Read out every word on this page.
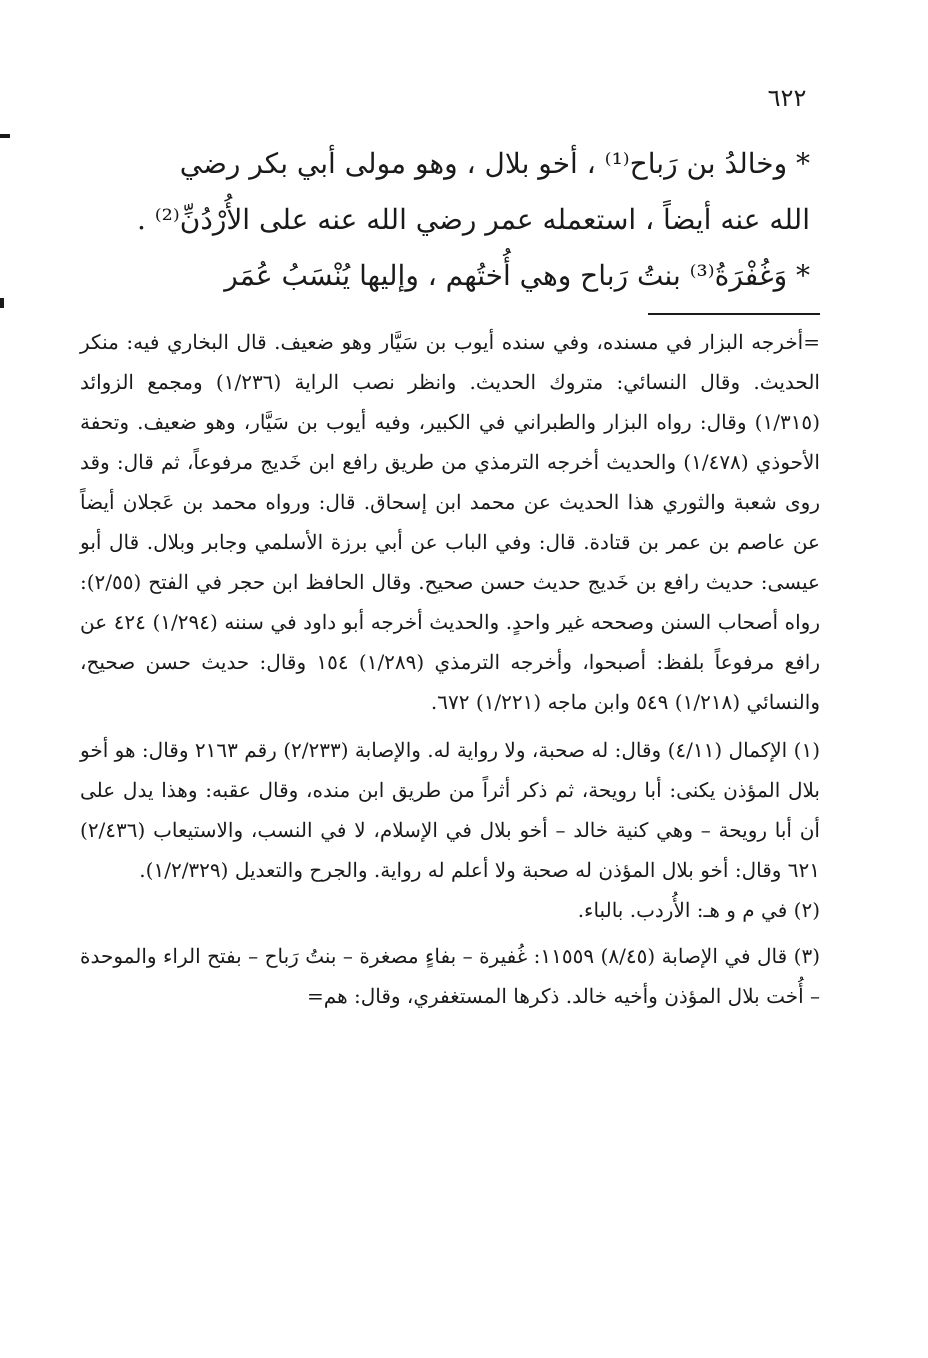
٦٢٢

* وخالدُ بن رَباح⁽¹⁾ ، أخو بلال ، وهو مولى أبي بكر رضي

الله عنه أيضاً ، استعمله عمر رضي الله عنه على الأُرْدُنِّ⁽²⁾ .

* وَغُفْرَةُ⁽³⁾ بنتُ رَباح وهي أُختُهم ، وإليها يُنْسَبُ عُمَر

=أخرجه البزار في مسنده، وفي سنده أيوب بن سَيَّار وهو ضعيف. قال البخاري فيه: منكر الحديث. وقال النسائي: متروك الحديث. وانظر نصب الراية (١/٢٣٦) ومجمع الزوائد (١/٣١٥) وقال: رواه البزار والطبراني في الكبير، وفيه أيوب بن سَيَّار، وهو ضعيف. وتحفة الأحوذي (١/٤٧٨) والحديث أخرجه الترمذي من طريق رافع ابن خَديج مرفوعاً، ثم قال: وقد روى شعبة والثوري هذا الحديث عن محمد ابن إسحاق. قال: ورواه محمد بن عَجلان أيضاً عن عاصم بن عمر بن قتادة. قال: وفي الباب عن أبي برزة الأسلمي وجابر وبلال. قال أبو عيسى: حديث رافع بن خَديج حديث حسن صحيح. وقال الحافظ ابن حجر في الفتح (٢/٥٥): رواه أصحاب السنن وصححه غير واحدٍ. والحديث أخرجه أبو داود في سننه (١/٢٩٤) ٤٢٤ عن رافع مرفوعاً بلفظ: أصبحوا، وأخرجه الترمذي (١/٢٨٩) ١٥٤ وقال: حديث حسن صحيح، والنسائي (١/٢١٨) ٥٤٩ وابن ماجه (١/٢٢١) ٦٧٢.

(١) الإكمال (٤/١١) وقال: له صحبة، ولا رواية له. والإصابة (٢/٢٣٣) رقم ٢١٦٣ وقال: هو أخو بلال المؤذن يكنى: أبا رويحة، ثم ذكر أثراً من طريق ابن منده، وقال عقبه: وهذا يدل على أن أبا رويحة – وهي كنية خالد – أخو بلال في الإسلام، لا في النسب، والاستيعاب (٢/٤٣٦) ٦٢١ وقال: أخو بلال المؤذن له صحبة ولا أعلم له رواية. والجرح والتعديل (١/٢/٣٢٩).

(٢) في م و هـ: الأُردب. بالباء.

(٣) قال في الإصابة (٨/٤٥) ١١٥٥٩: غُفيرة – بفاءٍ مصغرة – بنتُ رَباح – بفتح الراء والموحدة – أُخت بلال المؤذن وأخيه خالد. ذكرها المستغفري، وقال: هم=
